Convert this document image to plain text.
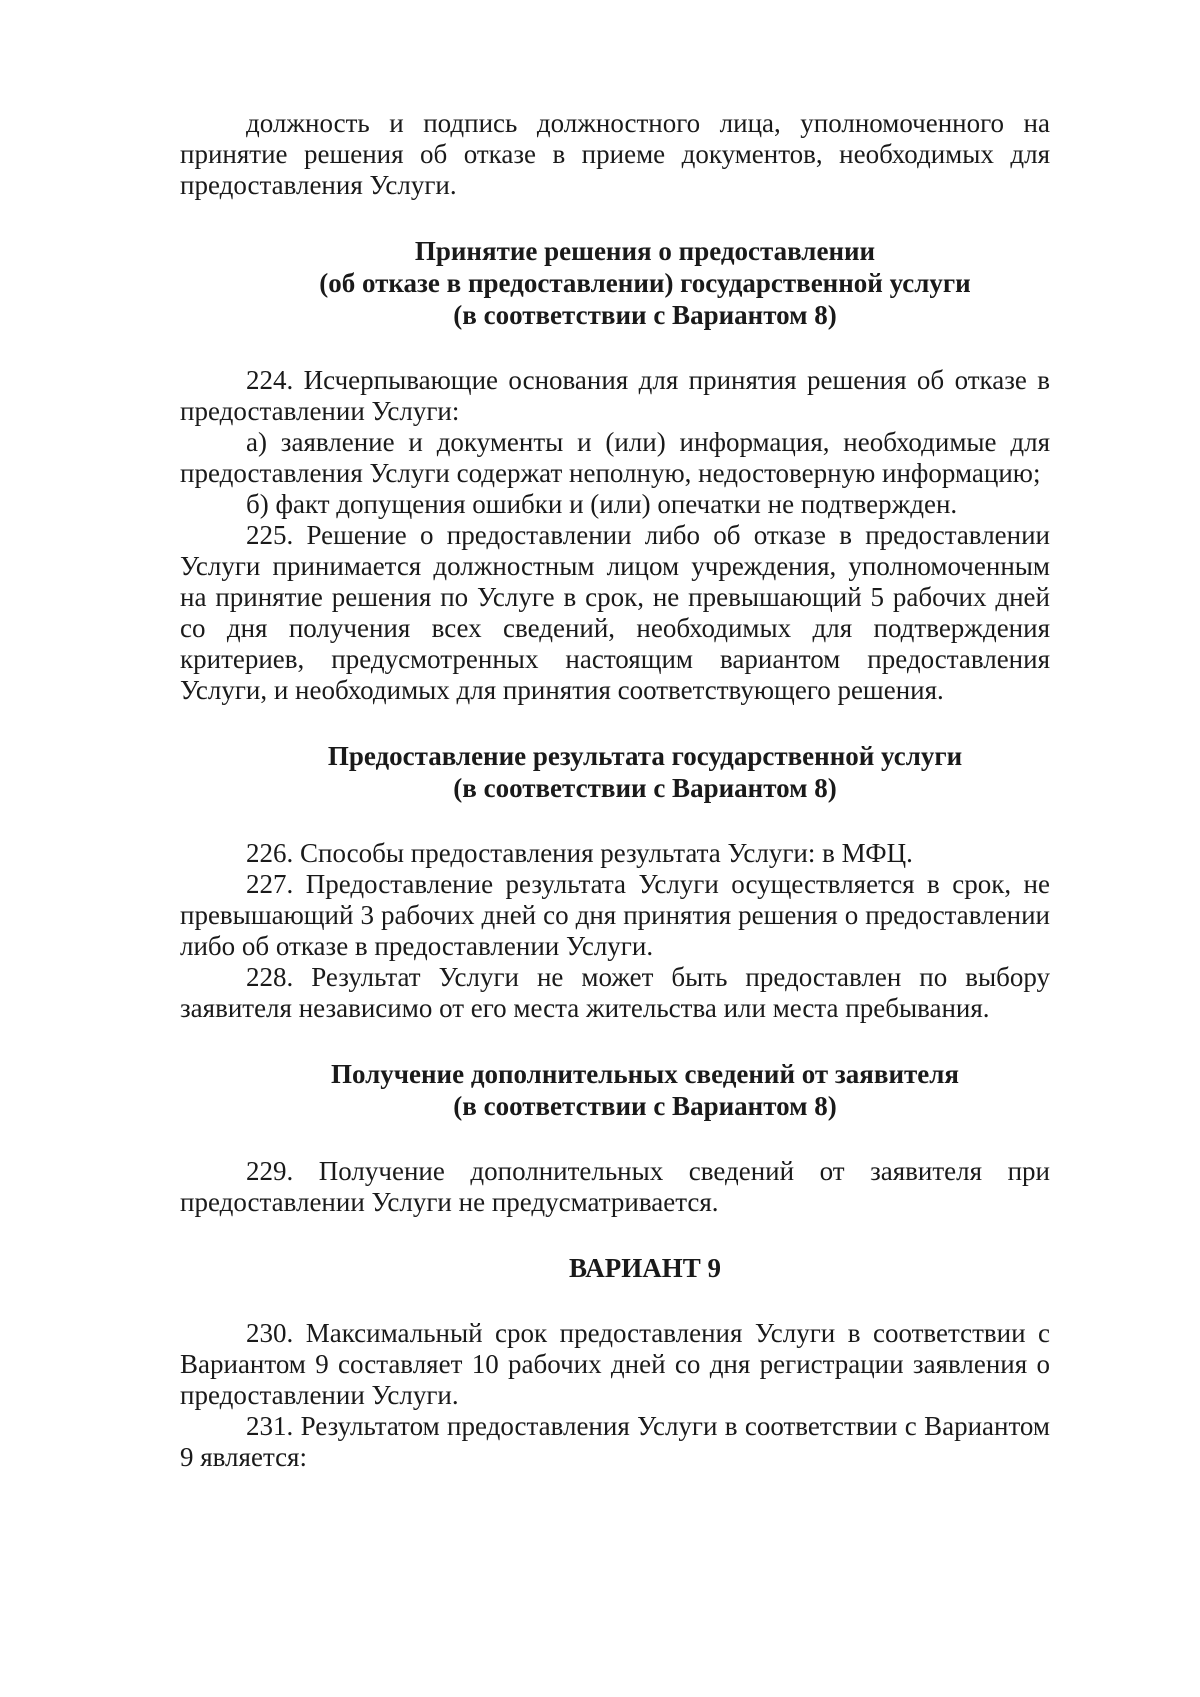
должность и подпись должностного лица, уполномоченного на принятие решения об отказе в приеме документов, необходимых для предоставления Услуги.

Принятие решения о предоставлении
(об отказе в предоставлении) государственной услуги
(в соответствии с Вариантом 8)

224. Исчерпывающие основания для принятия решения об отказе в предоставлении Услуги:

а) заявление и документы и (или) информация, необходимые для предоставления Услуги содержат неполную, недостоверную информацию;

б) факт допущения ошибки и (или) опечатки не подтвержден.

225. Решение о предоставлении либо об отказе в предоставлении Услуги принимается должностным лицом учреждения, уполномоченным на принятие решения по Услуге в срок, не превышающий 5 рабочих дней со дня получения всех сведений, необходимых для подтверждения критериев, предусмотренных настоящим вариантом предоставления Услуги, и необходимых для принятия соответствующего решения.

Предоставление результата государственной услуги
(в соответствии с Вариантом 8)

226. Способы предоставления результата Услуги: в МФЦ.

227. Предоставление результата Услуги осуществляется в срок, не превышающий 3 рабочих дней со дня принятия решения о предоставлении либо об отказе в предоставлении Услуги.

228. Результат Услуги не может быть предоставлен по выбору заявителя независимо от его места жительства или места пребывания.

Получение дополнительных сведений от заявителя
(в соответствии с Вариантом 8)

229. Получение дополнительных сведений от заявителя при предоставлении Услуги не предусматривается.

ВАРИАНТ 9

230. Максимальный срок предоставления Услуги в соответствии с Вариантом 9 составляет 10 рабочих дней со дня регистрации заявления о предоставлении Услуги.

231. Результатом предоставления Услуги в соответствии с Вариантом 9 является:
